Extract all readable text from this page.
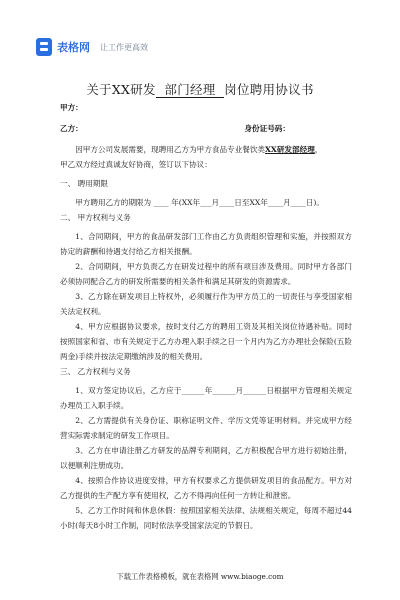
表格网 让工作更高效
关于XX研发 部门经理 岗位聘用协议书
甲方：
乙方：	身份证号码：
因甲方公司发展需要，现聘用乙方为甲方食品专业餐饮类XX研发部经理，
甲乙双方经过真诚友好协商，签订以下协议：
一、 聘用期限
甲方聘用乙方的期限为 ____ 年(XX年___月____日至XX年____月____日)。
二、 甲方权利与义务
1、合同期间，甲方的食品研发部门工作由乙方负责组织管理和实施，并按照双方协定的薪酬和待遇支付给乙方相关报酬。
2、合同期间，甲方负责乙方在研发过程中的所有项目涉及费用。同时甲方各部门必须协同配合乙方的研发所需要的相关条件和满足其研发的资源需求。
3、乙方除在研发项目上特权外，必须履行作为甲方员工的一切责任与享受国家相关法定权利。
4、甲方应根据协议要求，按时支付乙方的聘用工资及其相关岗位待遇补贴。同时按照国家和省、市有关规定于乙方办理入职手续之日一个月内为乙方办理社会保险(五险两金)手续并按法定期缴纳涉及的相关费用。
三、 乙方权利与义务
1、双方签定协议后，乙方应于______年______月______日根据甲方管理相关规定办理员工入职手续。
2、乙方需提供有关身份证、职称证明文件、学历文凭等证明材料。并完成甲方经营实际需求制定的研发工作项目。
3、乙方在申请注册乙方研发的品牌专利期间，乙方积极配合甲方进行初始注册，以便顺利注册成功。
4、按照合作协议进度安排，甲方有权要求乙方提供研发项目的食品配方。甲方对乙方提供的生产配方享有使用权，乙方不得再向任何一方转让和泄密。
5、乙方工作时间和休息休假：按照国家相关法律、法规相关规定，每周不超过44小时(每天8小时工作制，同时依法享受国家法定的节假日。
下载工作表格模板，就在表格网 www.biaoge.com
